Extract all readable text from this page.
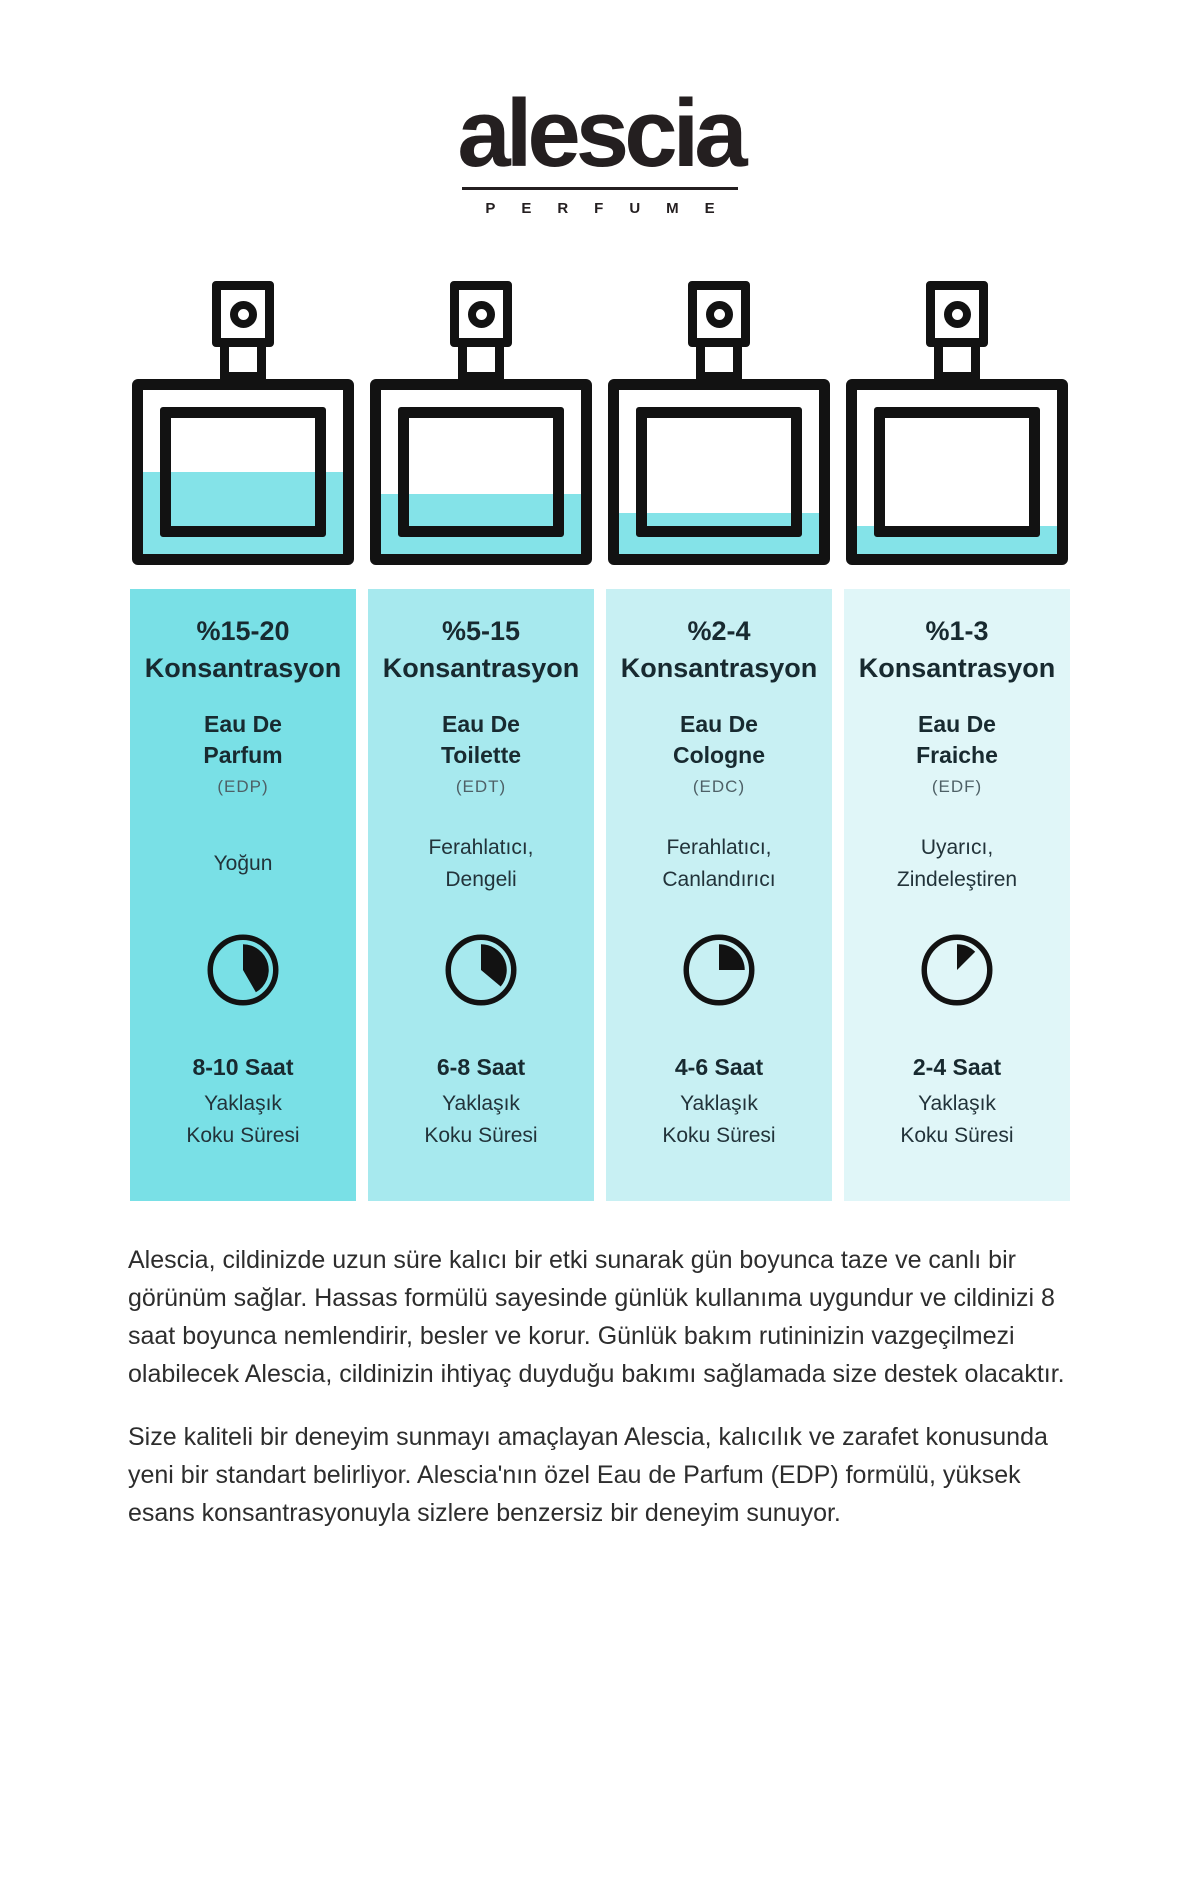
alescia
PERFUME
%15-20
Konsantrasyon
Eau De
Parfum
(EDP)
Yoğun
8-10 Saat
Yaklaşık
Koku Süresi
%5-15
Konsantrasyon
Eau De
Toilette
(EDT)
Ferahlatıcı,
Dengeli
6-8 Saat
Yaklaşık
Koku Süresi
%2-4
Konsantrasyon
Eau De
Cologne
(EDC)
Ferahlatıcı,
Canlandırıcı
4-6 Saat
Yaklaşık
Koku Süresi
%1-3
Konsantrasyon
Eau De
Fraiche
(EDF)
Uyarıcı,
Zindeleştiren
2-4 Saat
Yaklaşık
Koku Süresi

Alescia, cildinizde uzun süre kalıcı bir etki sunarak gün boyunca taze ve canlı bir görünüm sağlar. Hassas formülü sayesinde günlük kullanıma uygundur ve cildinizi 8 saat boyunca nemlendirir, besler ve korur. Günlük bakım rutininizin vazgeçilmezi olabilecek Alescia, cildinizin ihtiyaç duyduğu bakımı sağlamada size destek olacaktır.

Size kaliteli bir deneyim sunmayı amaçlayan Alescia, kalıcılık ve zarafet konusunda yeni bir standart belirliyor. Alescia'nın özel Eau de Parfum (EDP) formülü, yüksek esans konsantrasyonuyla sizlere benzersiz bir deneyim sunuyor.
